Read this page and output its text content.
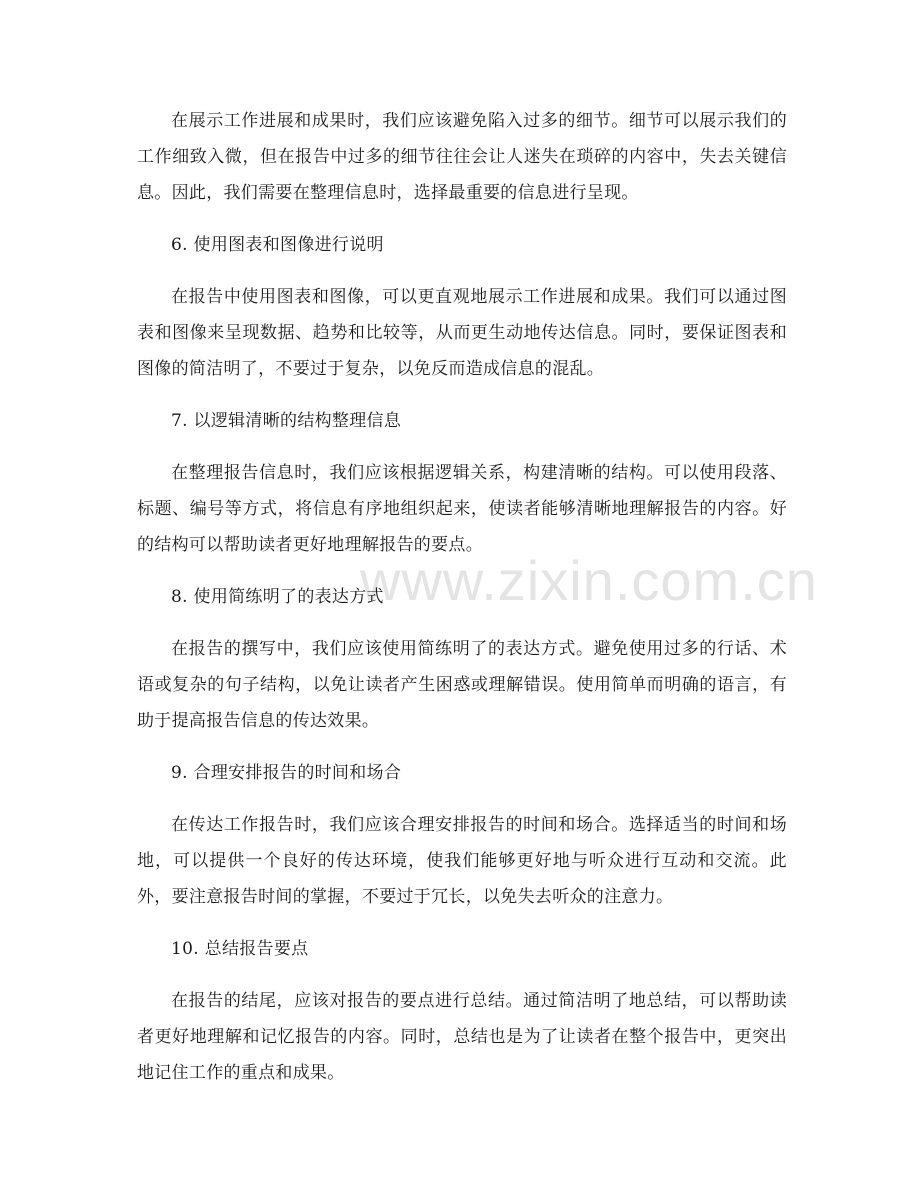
www.zixin.com.cn

在展示工作进展和成果时，我们应该避免陷入过多的细节。细节可以展示我们的工作细致入微，但在报告中过多的细节往往会让人迷失在琐碎的内容中，失去关键信息。因此，我们需要在整理信息时，选择最重要的信息进行呈现。

6. 使用图表和图像进行说明

在报告中使用图表和图像，可以更直观地展示工作进展和成果。我们可以通过图表和图像来呈现数据、趋势和比较等，从而更生动地传达信息。同时，要保证图表和图像的简洁明了，不要过于复杂，以免反而造成信息的混乱。

7. 以逻辑清晰的结构整理信息

在整理报告信息时，我们应该根据逻辑关系，构建清晰的结构。可以使用段落、标题、编号等方式，将信息有序地组织起来，使读者能够清晰地理解报告的内容。好的结构可以帮助读者更好地理解报告的要点。

8. 使用简练明了的表达方式

在报告的撰写中，我们应该使用简练明了的表达方式。避免使用过多的行话、术语或复杂的句子结构，以免让读者产生困惑或理解错误。使用简单而明确的语言，有助于提高报告信息的传达效果。

9. 合理安排报告的时间和场合

在传达工作报告时，我们应该合理安排报告的时间和场合。选择适当的时间和场地，可以提供一个良好的传达环境，使我们能够更好地与听众进行互动和交流。此外，要注意报告时间的掌握，不要过于冗长，以免失去听众的注意力。

10. 总结报告要点

在报告的结尾，应该对报告的要点进行总结。通过简洁明了地总结，可以帮助读者更好地理解和记忆报告的内容。同时，总结也是为了让读者在整个报告中，更突出地记住工作的重点和成果。
